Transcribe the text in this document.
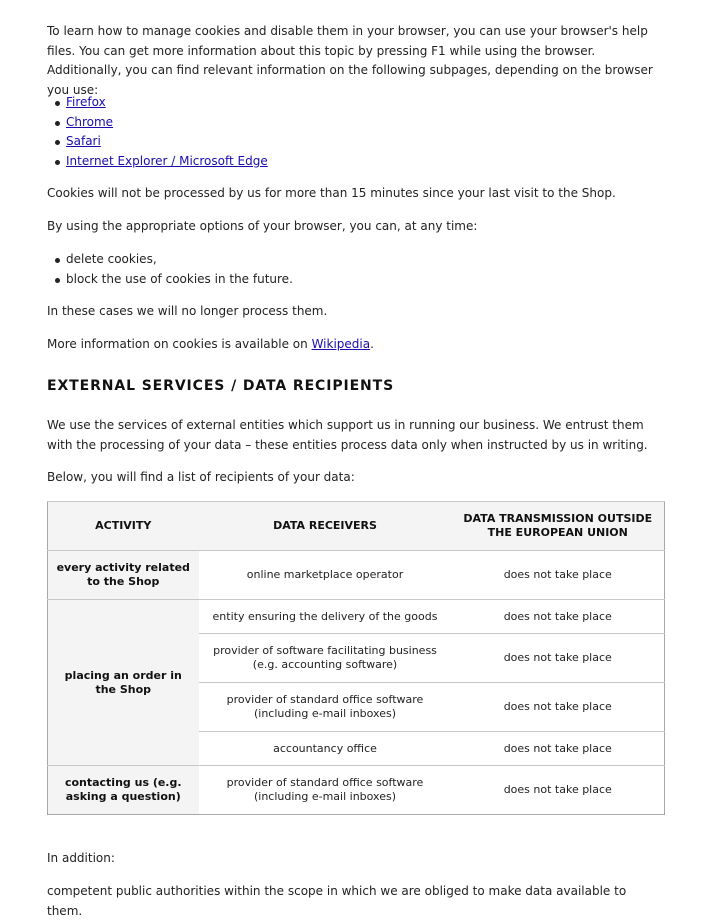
To learn how to manage cookies and disable them in your browser, you can use your browser's help files. You can get more information about this topic by pressing F1 while using the browser. Additionally, you can find relevant information on the following subpages, depending on the browser you use:

Firefox
Chrome
Safari
Internet Explorer / Microsoft Edge

Cookies will not be processed by us for more than 15 minutes since your last visit to the Shop.

By using the appropriate options of your browser, you can, at any time:

delete cookies,
block the use of cookies in the future.

In these cases we will no longer process them.

More information on cookies is available on Wikipedia.

EXTERNAL SERVICES / DATA RECIPIENTS

We use the services of external entities which support us in running our business. We entrust them with the processing of your data – these entities process data only when instructed by us in writing.

Below, you will find a list of recipients of your data:

ACTIVITY	DATA RECEIVERS	DATA TRANSMISSION OUTSIDE THE EUROPEAN UNION
every activity related to the Shop	online marketplace operator	does not take place
placing an order in the Shop	entity ensuring the delivery of the goods	does not take place
	provider of software facilitating business (e.g. accounting software)	does not take place
	provider of standard office software (including e-mail inboxes)	does not take place
	accountancy office	does not take place
contacting us (e.g. asking a question)	provider of standard office software (including e-mail inboxes)	does not take place

In addition:

competent public authorities within the scope in which we are obliged to make data available to them.
